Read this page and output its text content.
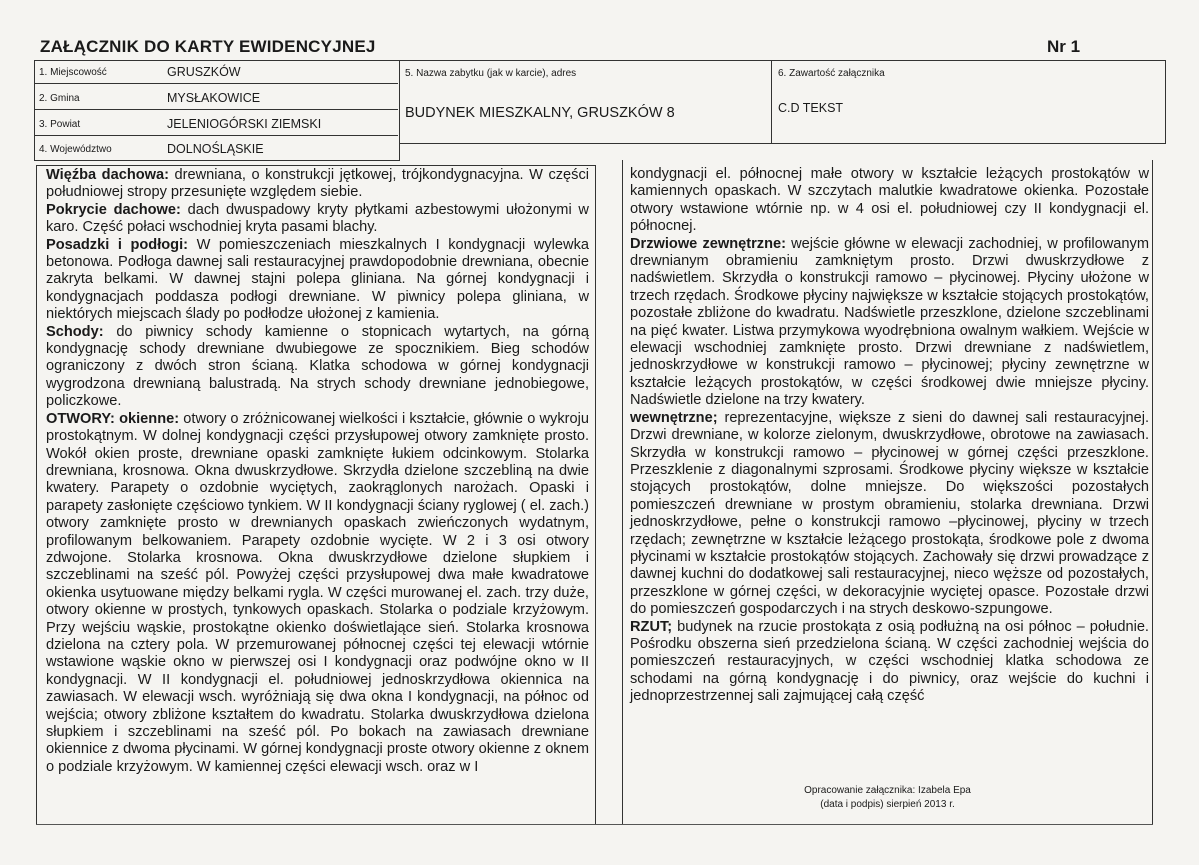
ZAŁĄCZNIK DO KARTY EWIDENCYJNEJ	Nr 1
1. Miejscowość	GRUSZKÓW
2. Gmina	MYSŁAKOWICE
3. Powiat	JELENIOGÓRSKI ZIEMSKI
4. Województwo	DOLNOŚLĄSKIE
5. Nazwa zabytku (jak w karcie), adres
BUDYNEK MIESZKALNY, GRUSZKÓW 8
6. Zawartość załącznika
C.D TEKST

Więźba dachowa: drewniana, o konstrukcji jętkowej, trójkondygnacyjna. W części południowej stropy przesunięte względem siebie.

Pokrycie dachowe: dach dwuspadowy kryty płytkami azbestowymi ułożonymi w karo. Część połaci wschodniej kryta pasami blachy.

Posadzki i podłogi: W pomieszczeniach mieszkalnych I kondygnacji wylewka betonowa. Podłoga dawnej sali restauracyjnej prawdopodobnie drewniana, obecnie zakryta belkami. W dawnej stajni polepa gliniana. Na górnej kondygnacji i kondygnacjach poddasza podłogi drewniane. W piwnicy polepa gliniana, w niektórych miejscach ślady po podłodze ułożonej z kamienia.

Schody: do piwnicy schody kamienne o stopnicach wytartych, na górną kondygnację schody drewniane dwubiegowe ze spocznikiem. Bieg schodów ograniczony z dwóch stron ścianą. Klatka schodowa w górnej kondygnacji wygrodzona drewnianą balustradą. Na strych schody drewniane jednobiegowe, policzkowe.

OTWORY: okienne: otwory o zróżnicowanej wielkości i kształcie, głównie o wykroju prostokątnym. W dolnej kondygnacji części przysłupowej otwory zamknięte prosto. Wokół okien proste, drewniane opaski zamknięte łukiem odcinkowym. Stolarka drewniana, krosnowa. Okna dwuskrzydłowe. Skrzydła dzielone szczebliną na dwie kwatery. Parapety o ozdobnie wyciętych, zaokrąglonych narożach. Opaski i parapety zasłonięte częściowo tynkiem. W II kondygnacji ściany ryglowej ( el. zach.) otwory zamknięte prosto w drewnianych opaskach zwieńczonych wydatnym, profilowanym belkowaniem. Parapety ozdobnie wycięte. W 2 i 3 osi otwory zdwojone. Stolarka krosnowa. Okna dwuskrzydłowe dzielone słupkiem i szczeblinami na sześć pól. Powyżej części przysłupowej dwa małe kwadratowe okienka usytuowane między belkami rygla. W części murowanej el. zach. trzy duże, otwory okienne w prostych, tynkowych opaskach. Stolarka o podziale krzyżowym. Przy wejściu wąskie, prostokątne okienko doświetlające sień. Stolarka krosnowa dzielona na cztery pola. W przemurowanej północnej części tej elewacji wtórnie wstawione wąskie okno w pierwszej osi I kondygnacji oraz podwójne okno w II kondygnacji. W II kondygnacji el. południowej jednoskrzydłowa okiennica na zawiasach. W elewacji wsch. wyróżniają się dwa okna I kondygnacji, na północ od wejścia; otwory zbliżone kształtem do kwadratu. Stolarka dwuskrzydłowa dzielona słupkiem i szczeblinami na sześć pól. Po bokach na zawiasach drewniane okiennice z dwoma płycinami. W górnej kondygnacji proste otwory okienne z oknem o podziale krzyżowym. W kamiennej części elewacji wsch. oraz w I

kondygnacji el. północnej małe otwory w kształcie leżących prostokątów w kamiennych opaskach. W szczytach malutkie kwadratowe okienka. Pozostałe otwory wstawione wtórnie np. w 4 osi el. południowej czy II kondygnacji el. północnej.

Drzwiowe zewnętrzne: wejście główne w elewacji zachodniej, w profilowanym drewnianym obramieniu zamkniętym prosto. Drzwi dwuskrzydłowe z nadświetlem. Skrzydła o konstrukcji ramowo – płycinowej. Płyciny ułożone w trzech rzędach. Środkowe płyciny największe w kształcie stojących prostokątów, pozostałe zbliżone do kwadratu. Nadświetle przeszklone, dzielone szczeblinami na pięć kwater. Listwa przymykowa wyodrębniona owalnym wałkiem. Wejście w elewacji wschodniej zamknięte prosto. Drzwi drewniane z nadświetlem, jednoskrzydłowe w konstrukcji ramowo – płycinowej; płyciny zewnętrzne w kształcie leżących prostokątów, w części środkowej dwie mniejsze płyciny. Nadświetle dzielone na trzy kwatery.

wewnętrzne; reprezentacyjne, większe z sieni do dawnej sali restauracyjnej. Drzwi drewniane, w kolorze zielonym, dwuskrzydłowe, obrotowe na zawiasach. Skrzydła w konstrukcji ramowo – płycinowej w górnej części przeszklone. Przeszklenie z diagonalnymi szprosami. Środkowe płyciny większe w kształcie stojących prostokątów, dolne mniejsze. Do większości pozostałych pomieszczeń drewniane w prostym obramieniu, stolarka drewniana. Drzwi jednoskrzydłowe, pełne o konstrukcji ramowo –płycinowej, płyciny w trzech rzędach; zewnętrzne w kształcie leżącego prostokąta, środkowe pole z dwoma płycinami w kształcie prostokątów stojących. Zachowały się drzwi prowadzące z dawnej kuchni do dodatkowej sali restauracyjnej, nieco węższe od pozostałych, przeszklone w górnej części, w dekoracyjnie wyciętej opasce. Pozostałe drzwi do pomieszczeń gospodarczych i na strych deskowo-szpungowe.

RZUT; budynek na rzucie prostokąta z osią podłużną na osi północ – południe. Pośrodku obszerna sień przedzielona ścianą. W części zachodniej wejścia do pomieszczeń restauracyjnych, w części wschodniej klatka schodowa ze schodami na górną kondygnację i do piwnicy, oraz wejście do kuchni i jednoprzestrzennej sali zajmującej całą część

Opracowanie załącznika: Izabela Epa
(data i podpis) sierpień 2013 r.
